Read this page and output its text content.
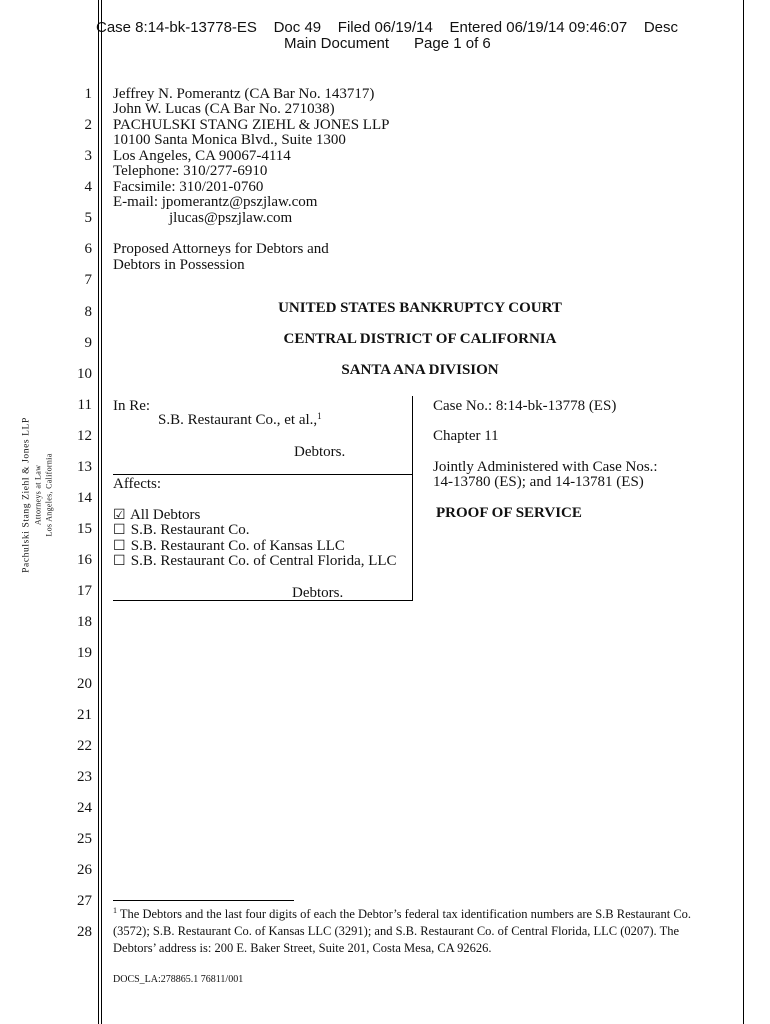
Case 8:14-bk-13778-ES    Doc 49    Filed 06/19/14    Entered 06/19/14 09:46:07    Desc
Main Document      Page 1 of 6
Pachulski Stang Ziehl & Jones LLP Attorneys at Law Los Angeles, California
1
2
3
4
5
6
7
8
9
10
11
12
13
14
15
16
17
18
19
20
21
22
23
24
25
26
27
28
Jeffrey N. Pomerantz (CA Bar No. 143717)
John W. Lucas (CA Bar No. 271038)
PACHULSKI STANG ZIEHL & JONES LLP
10100 Santa Monica Blvd., Suite 1300
Los Angeles, CA 90067-4114
Telephone: 310/277-6910
Facsimile: 310/201-0760
E-mail: jpomerantz@pszjlaw.com
jlucas@pszjlaw.com
Proposed Attorneys for Debtors and
Debtors in Possession
UNITED STATES BANKRUPTCY COURT
CENTRAL DISTRICT OF CALIFORNIA
SANTA ANA DIVISION
In Re:
S.B. Restaurant Co., et al.,$^1$
Debtors.
Affects:
☑ All Debtors
☐ S.B. Restaurant Co.
☐ S.B. Restaurant Co. of Kansas LLC
☐ S.B. Restaurant Co. of Central Florida, LLC
Debtors.
Case No.: 8:14-bk-13778 (ES)
Chapter 11
Jointly Administered with Case Nos.:
14-13780 (ES); and 14-13781 (ES)
PROOF OF SERVICE
$^1$ The Debtors and the last four digits of each the Debtor’s federal tax identification numbers are S.B Restaurant Co. (3572); S.B. Restaurant Co. of Kansas LLC (3291); and S.B. Restaurant Co. of Central Florida, LLC (0207). The Debtors’ address is: 200 E. Baker Street, Suite 201, Costa Mesa, CA 92626.
DOCS_LA:278865.1 76811/001
